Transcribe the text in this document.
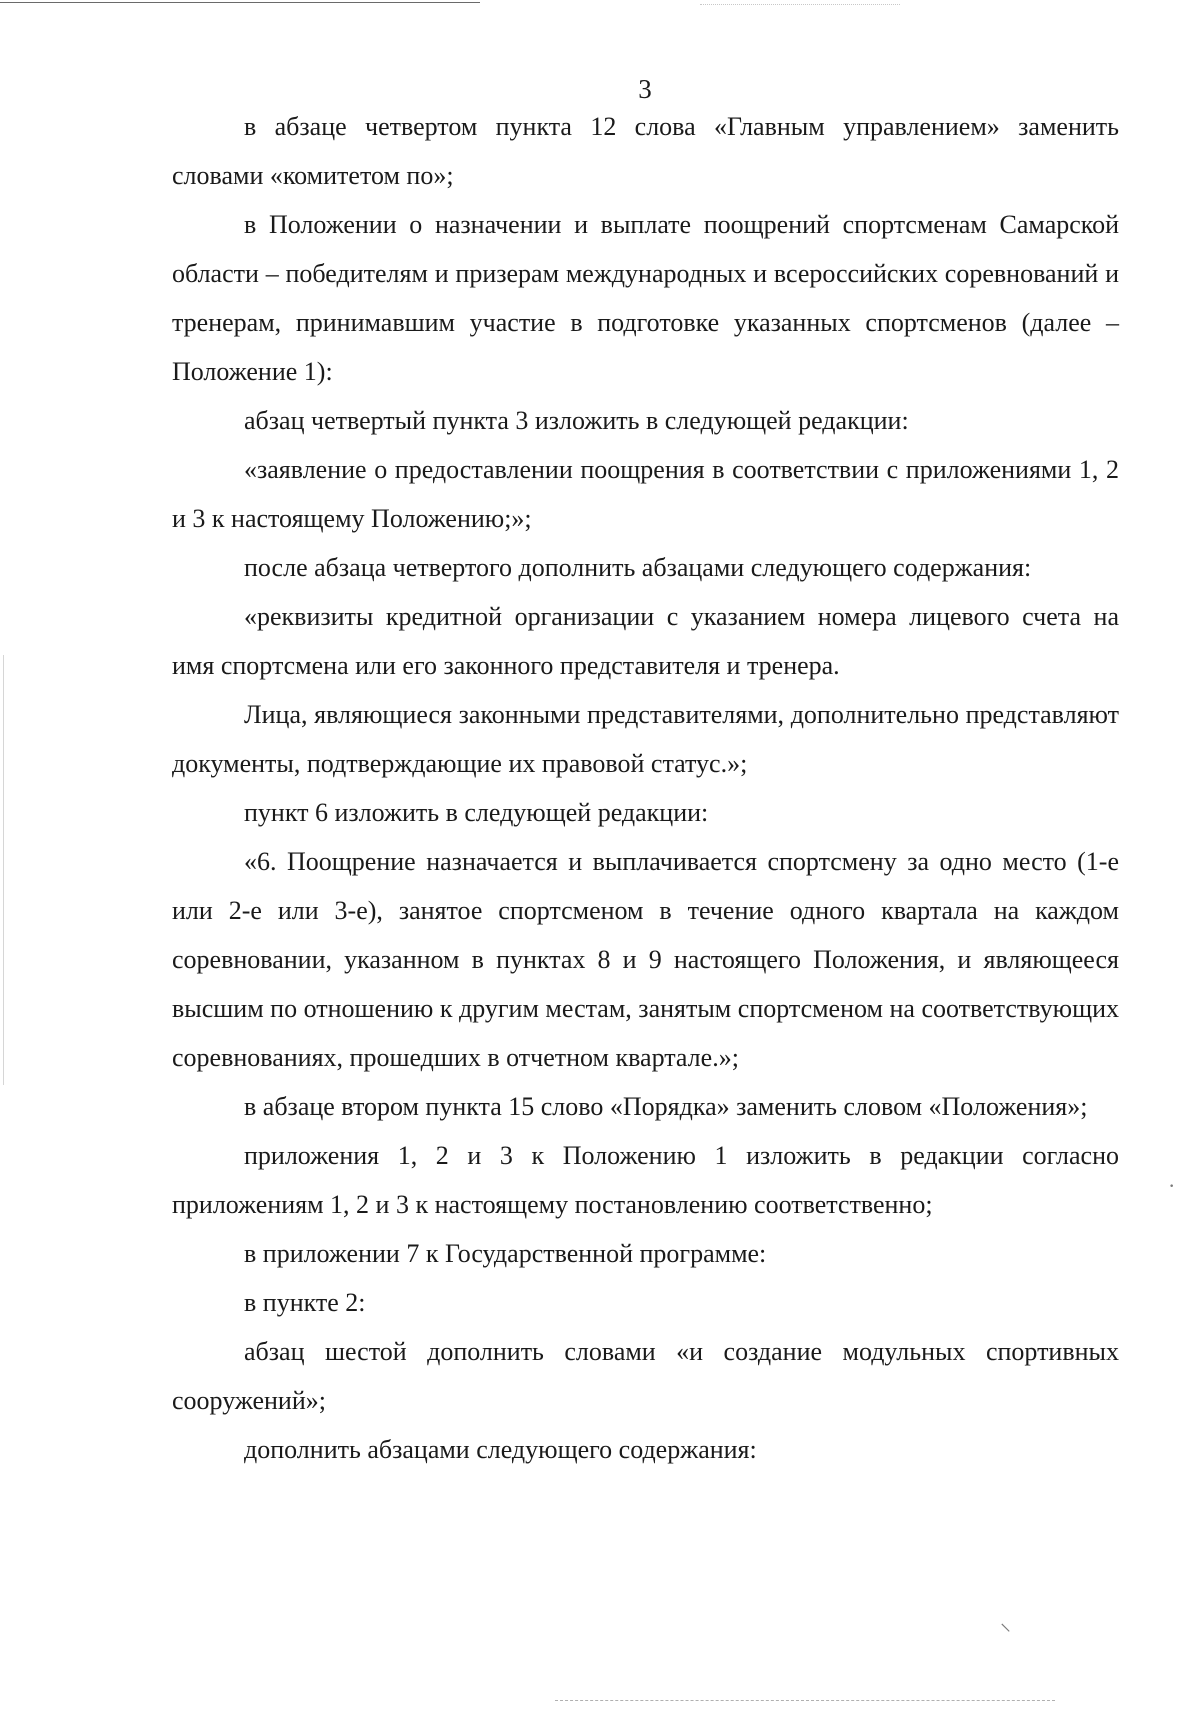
·
⸜
3

в абзаце четвертом пункта 12 слова «Главным управлением» заменить словами «комитетом по»;

в Положении о назначении и выплате поощрений спортсменам Самарской области – победителям и призерам международных и всероссийских соревнований и тренерам, принимавшим участие в подготовке указанных спортсменов (далее – Положение 1):

абзац четвертый пункта 3 изложить в следующей редакции:

«заявление о предоставлении поощрения в соответствии с приложениями 1, 2 и 3 к настоящему Положению;»;

после абзаца четвертого дополнить абзацами следующего содержания:

«реквизиты кредитной организации с указанием номера лицевого счета на имя спортсмена или его законного представителя и тренера.

Лица, являющиеся законными представителями, дополнительно представляют документы, подтверждающие их правовой статус.»;

пункт 6 изложить в следующей редакции:

«6. Поощрение назначается и выплачивается спортсмену за одно место (1-е или 2-е или 3-е), занятое спортсменом в течение одного квартала на каждом соревновании, указанном в пунктах 8 и 9 настоящего Положения, и являющееся высшим по отношению к другим местам, занятым спортсменом на соответствующих соревнованиях, прошедших в отчетном квартале.»;

в абзаце втором пункта 15 слово «Порядка» заменить словом «Положения»;

приложения 1, 2 и 3 к Положению 1 изложить в редакции согласно приложениям 1, 2 и 3 к настоящему постановлению соответственно;

в приложении 7 к Государственной программе:

в пункте 2:

абзац шестой дополнить словами «и создание модульных спортивных сооружений»;

дополнить абзацами следующего содержания:
